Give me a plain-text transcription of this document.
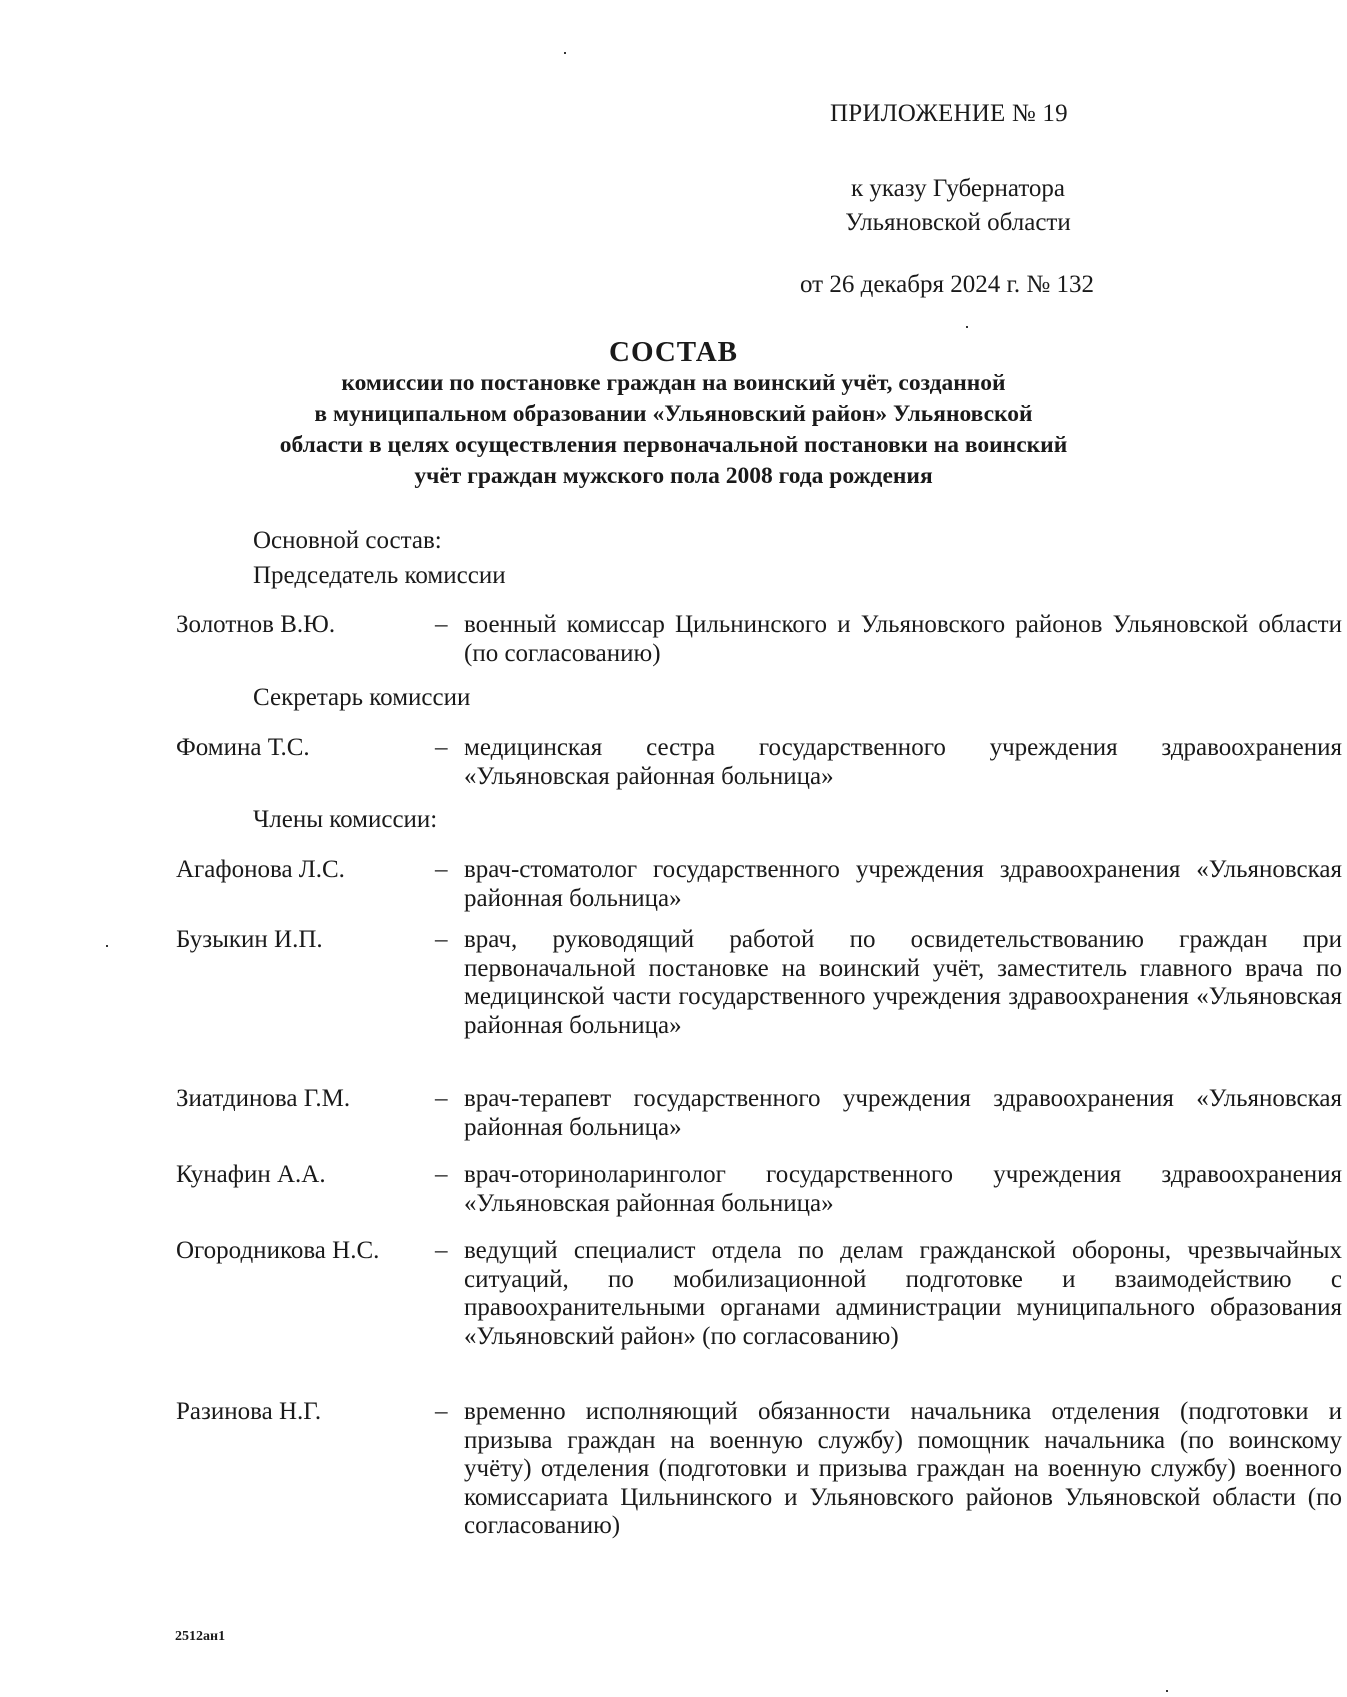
ПРИЛОЖЕНИЕ № 19
к указу Губернатора
Ульяновской области
от 26 декабря 2024 г. № 132
СОСТАВ
комиссии по постановке граждан на воинский учёт, созданной
в муниципальном образовании «Ульяновский район» Ульяновской
области в целях осуществления первоначальной постановки на воинский
учёт граждан мужского пола 2008 года рождения
Основной состав:
Председатель комиссии
Золотнов В.Ю.	– военный комиссар Цильнинского и Ульяновского районов Ульяновской области (по согласованию)
Секретарь комиссии
Фомина Т.С.	– медицинская сестра государственного учреждения здравоохранения «Ульяновская районная больница»
Члены комиссии:
Агафонова Л.С.	– врач-стоматолог государственного учреждения здравоохранения «Ульяновская районная больница»
Бузыкин И.П.	– врач, руководящий работой по освидетельствованию граждан при первоначальной постановке на воинский учёт, заместитель главного врача по медицинской части государственного учреждения здравоохранения «Ульяновская районная больница»
Зиатдинова Г.М.	– врач-терапевт государственного учреждения здравоохранения «Ульяновская районная больница»
Кунафин А.А.	– врач-оториноларинголог государственного учреждения здравоохранения «Ульяновская районная больница»
Огородникова Н.С. – ведущий специалист отдела по делам гражданской обороны, чрезвычайных ситуаций, по мобилизационной подготовке и взаимодействию с правоохранительными органами администрации муниципального образования «Ульяновский район» (по согласованию)
Разинова Н.Г.	– временно исполняющий обязанности начальника отделения (подготовки и призыва граждан на военную службу) помощник начальника (по воинскому учёту) отделения (подготовки и призыва граждан на военную службу) военного комиссариата Цильнинского и Ульяновского районов Ульяновской области (по согласованию)
2512ан1
